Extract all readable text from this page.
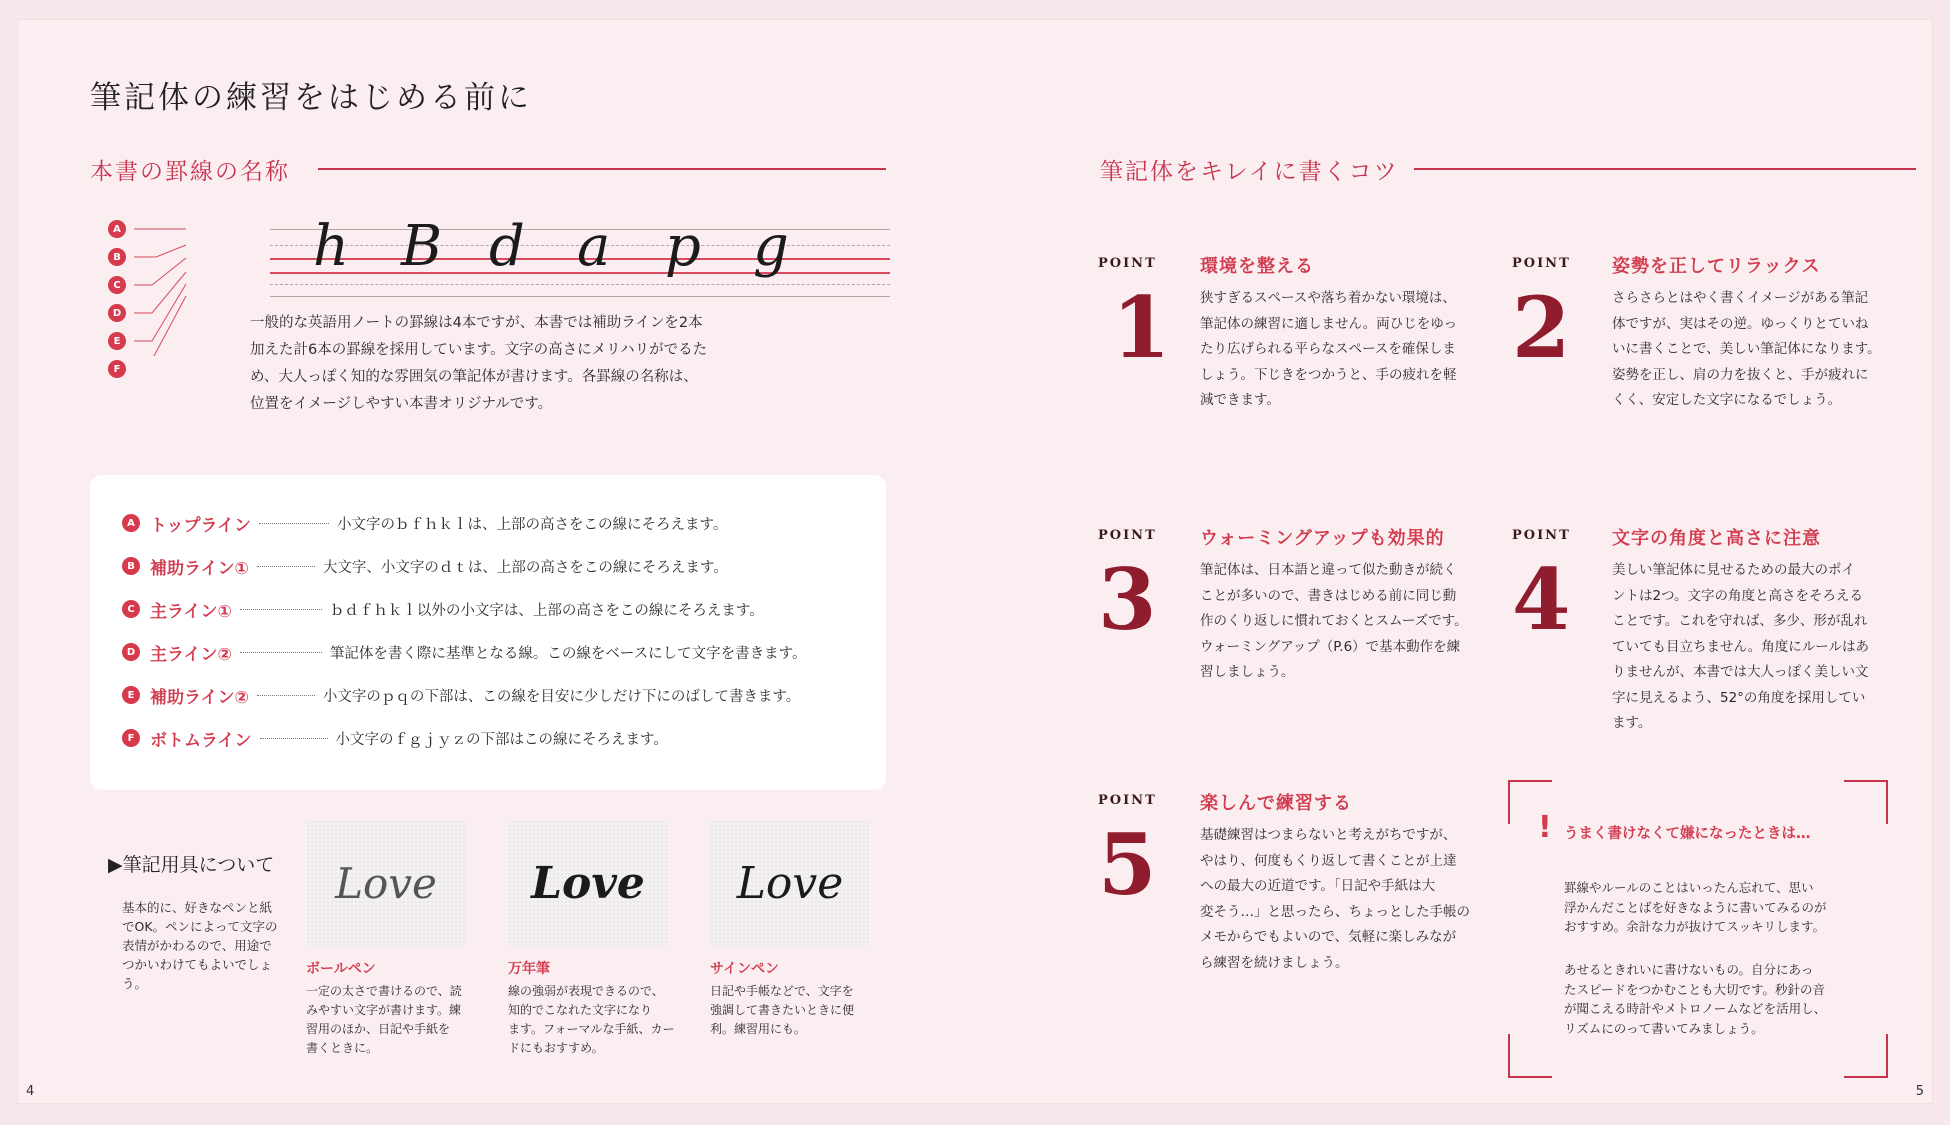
筆記体の練習をはじめる前に
本書の罫線の名称	筆記体をキレイに書くコツ
A
B
C
D
E
F
h B d a p g
一般的な英語用ノートの罫線は4本ですが、本書では補助ラインを2本
加えた計6本の罫線を採用しています。文字の高さにメリハリがでるた
め、大人っぽく知的な雰囲気の筆記体が書けます。各罫線の名称は、
位置をイメージしやすい本書オリジナルです。
A トップライン	小文字のｂｆｈｋｌは、上部の高さをこの線にそろえます。
B 補助ライン①	大文字、小文字のｄｔは、上部の高さをこの線にそろえます。
C 主ライン①	ｂｄｆｈｋｌ以外の小文字は、上部の高さをこの線にそろえます。
D 主ライン②	筆記体を書く際に基準となる線。この線をベースにして文字を書きます。
E 補助ライン②	小文字のｐｑの下部は、この線を目安に少しだけ下にのばして書きます。
F ボトムライン	小文字のｆｇｊｙｚの下部はこの線にそろえます。
▶筆記用具について
基本的に、好きなペンと紙
でOK。ペンによって文字の
表情がかわるので、用途で
つかいわけてもよいでしょう。
Love
ボールペン
一定の太さで書けるので、読
みやすい文字が書けます。練
習用のほか、日記や手紙を
書くときに。
Love
万年筆
線の強弱が表現できるので、
知的でこなれた文字になり
ます。フォーマルな手紙、カー
ドにもおすすめ。
Love
サインペン
日記や手帳などで、文字を
強調して書きたいときに便
利。練習用にも。
POINT
1
環境を整える
狭すぎるスペースや落ち着かない環境は、
筆記体の練習に適しません。両ひじをゆっ
たり広げられる平らなスペースを確保しま
しょう。下じきをつかうと、手の疲れを軽
減できます。
POINT
2
姿勢を正してリラックス
さらさらとはやく書くイメージがある筆記
体ですが、実はその逆。ゆっくりとていね
いに書くことで、美しい筆記体になります。
姿勢を正し、肩の力を抜くと、手が疲れに
くく、安定した文字になるでしょう。
POINT
3
ウォーミングアップも効果的
筆記体は、日本語と違って似た動きが続く
ことが多いので、書きはじめる前に同じ動
作のくり返しに慣れておくとスムーズです。
ウォーミングアップ（P.6）で基本動作を練
習しましょう。
POINT
4
文字の角度と高さに注意
美しい筆記体に見せるための最大のポイ
ントは2つ。文字の角度と高さをそろえる
ことです。これを守れば、多少、形が乱れ
ていても目立ちません。角度にルールはあ
りませんが、本書では大人っぽく美しい文
字に見えるよう、52°の角度を採用してい
ます。
POINT
5
楽しんで練習する
基礎練習はつまらないと考えがちですが、
やはり、何度もくり返して書くことが上達
への最大の近道です。「日記や手紙は大
変そう…」と思ったら、ちょっとした手帳の
メモからでもよいので、気軽に楽しみなが
ら練習を続けましょう。
! うまく書けなくて嫌になったときは…
罫線やルールのことはいったん忘れて、思い
浮かんだことばを好きなように書いてみるのが
おすすめ。余計な力が抜けてスッキリします。
あせるときれいに書けないもの。自分にあっ
たスピードをつかむことも大切です。秒針の音
が聞こえる時計やメトロノームなどを活用し、
リズムにのって書いてみましょう。
4	5
